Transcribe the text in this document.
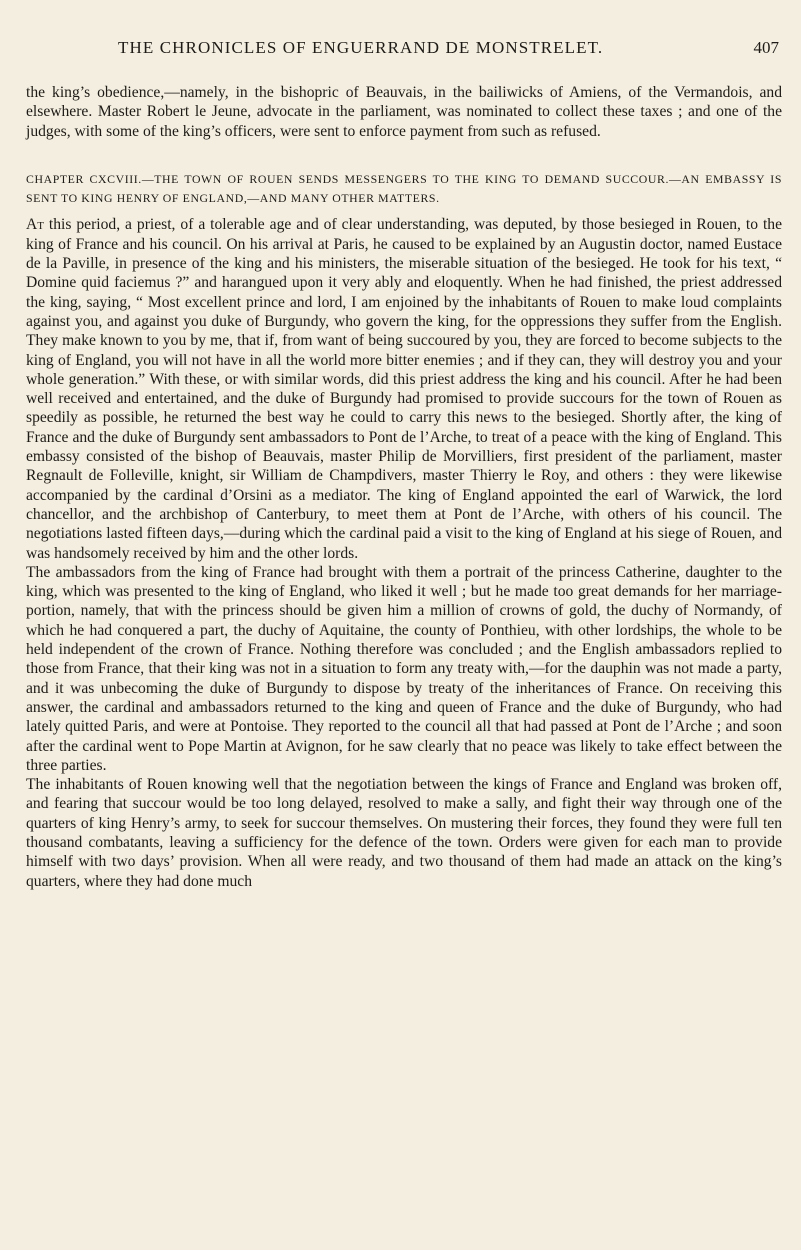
THE CHRONICLES OF ENGUERRAND DE MONSTRELET.	407

the king’s obedience,—namely, in the bishopric of Beauvais, in the bailiwicks of Amiens, of the Vermandois, and elsewhere. Master Robert le Jeune, advocate in the parliament, was nominated to collect these taxes ; and one of the judges, with some of the king’s officers, were sent to enforce payment from such as refused.

CHAPTER CXCVIII.—THE TOWN OF ROUEN SENDS MESSENGERS TO THE KING TO DEMAND SUCCOUR.—AN EMBASSY IS SENT TO KING HENRY OF ENGLAND,—AND MANY OTHER MATTERS.

At this period, a priest, of a tolerable age and of clear understanding, was deputed, by those besieged in Rouen, to the king of France and his council. On his arrival at Paris, he caused to be explained by an Augustin doctor, named Eustace de la Paville, in presence of the king and his ministers, the miserable situation of the besieged. He took for his text, “ Domine quid faciemus ?” and harangued upon it very ably and eloquently. When he had finished, the priest addressed the king, saying, “ Most excellent prince and lord, I am enjoined by the inhabitants of Rouen to make loud complaints against you, and against you duke of Burgundy, who govern the king, for the oppressions they suffer from the English. They make known to you by me, that if, from want of being succoured by you, they are forced to become subjects to the king of England, you will not have in all the world more bitter enemies ; and if they can, they will destroy you and your whole generation.” With these, or with similar words, did this priest address the king and his council. After he had been well received and entertained, and the duke of Burgundy had promised to provide succours for the town of Rouen as speedily as possible, he returned the best way he could to carry this news to the besieged. Shortly after, the king of France and the duke of Burgundy sent ambassadors to Pont de l’Arche, to treat of a peace with the king of England. This embassy consisted of the bishop of Beauvais, master Philip de Morvilliers, first president of the parliament, master Regnault de Folleville, knight, sir William de Champdivers, master Thierry le Roy, and others : they were likewise accompanied by the cardinal d’Orsini as a mediator. The king of England appointed the earl of Warwick, the lord chancellor, and the archbishop of Canterbury, to meet them at Pont de l’Arche, with others of his council. The negotiations lasted fifteen days,—during which the cardinal paid a visit to the king of England at his siege of Rouen, and was handsomely received by him and the other lords.

The ambassadors from the king of France had brought with them a portrait of the princess Catherine, daughter to the king, which was presented to the king of England, who liked it well ; but he made too great demands for her marriage-portion, namely, that with the princess should be given him a million of crowns of gold, the duchy of Normandy, of which he had conquered a part, the duchy of Aquitaine, the county of Ponthieu, with other lordships, the whole to be held independent of the crown of France. Nothing therefore was concluded ; and the English ambassadors replied to those from France, that their king was not in a situation to form any treaty with,—for the dauphin was not made a party, and it was unbecoming the duke of Burgundy to dispose by treaty of the inheritances of France. On receiving this answer, the cardinal and ambassadors returned to the king and queen of France and the duke of Burgundy, who had lately quitted Paris, and were at Pontoise. They reported to the council all that had passed at Pont de l’Arche ; and soon after the cardinal went to Pope Martin at Avignon, for he saw clearly that no peace was likely to take effect between the three parties.

The inhabitants of Rouen knowing well that the negotiation between the kings of France and England was broken off, and fearing that succour would be too long delayed, resolved to make a sally, and fight their way through one of the quarters of king Henry’s army, to seek for succour themselves. On mustering their forces, they found they were full ten thousand combatants, leaving a sufficiency for the defence of the town. Orders were given for each man to provide himself with two days’ provision. When all were ready, and two thousand of them had made an attack on the king’s quarters, where they had done much
